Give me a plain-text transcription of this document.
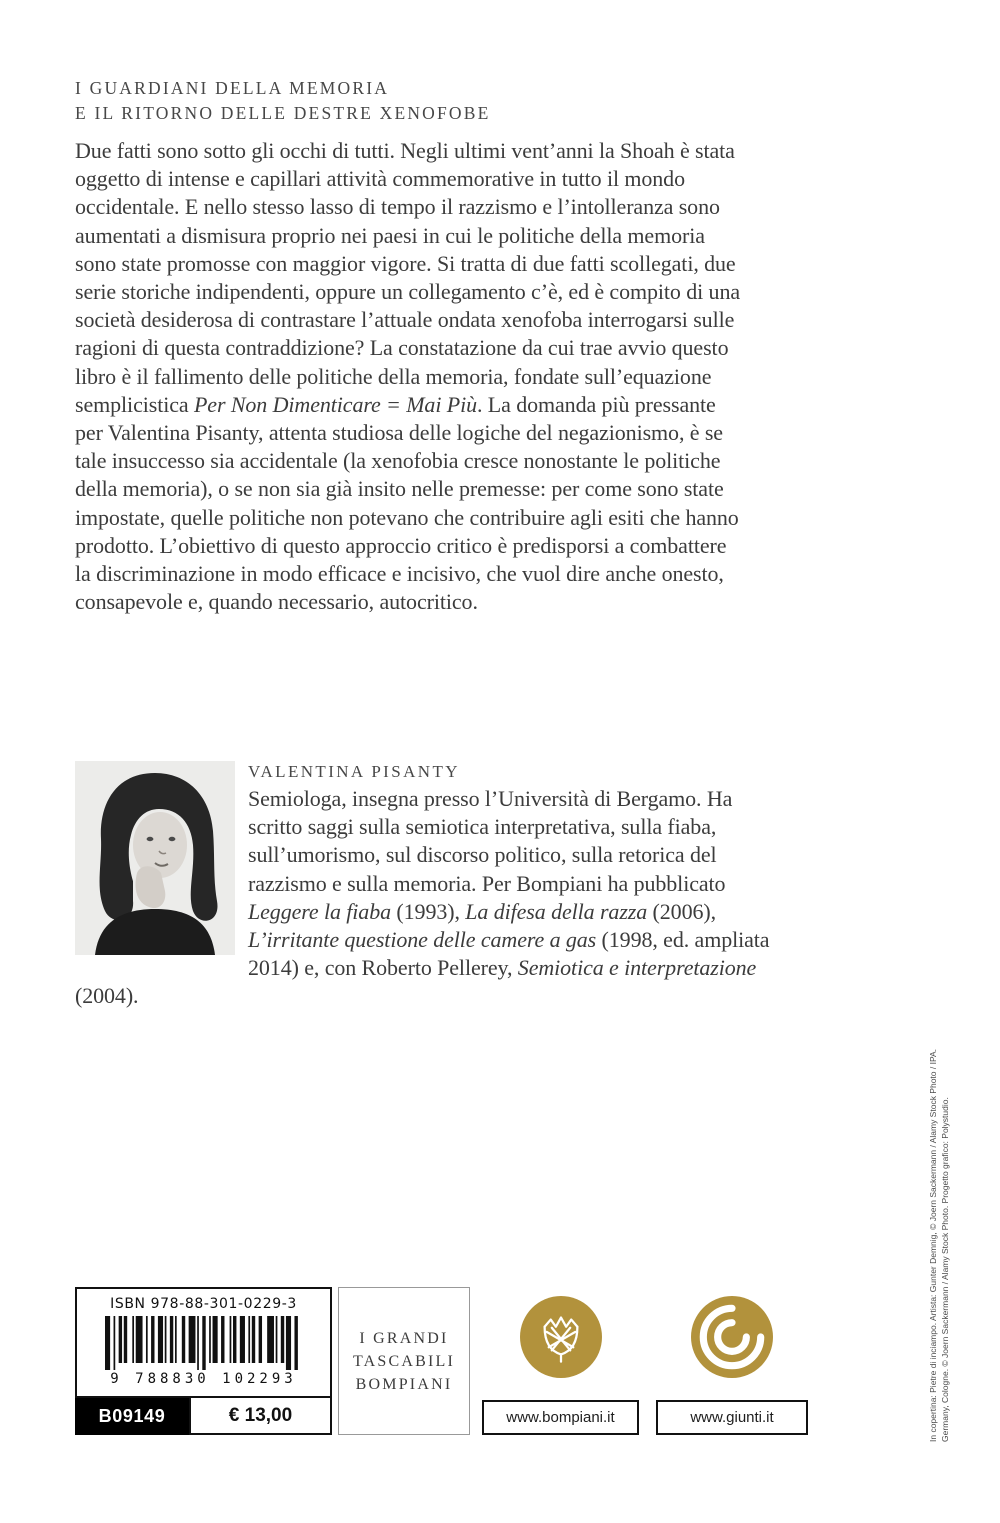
I GUARDIANI DELLA MEMORIA
E IL RITORNO DELLE DESTRE XENOFOBE

Due fatti sono sotto gli occhi di tutti. Negli ultimi vent’anni la Shoah è stata oggetto di intense e capillari attività commemorative in tutto il mondo occidentale. E nello stesso lasso di tempo il razzismo e l’intolleranza sono aumentati a dismisura proprio nei paesi in cui le politiche della memoria sono state promosse con maggior vigore. Si tratta di due fatti scollegati, due serie storiche indipendenti, oppure un collegamento c’è, ed è compito di una società desiderosa di contrastare l’attuale ondata xenofoba interrogarsi sulle ragioni di questa contraddizione? La constatazione da cui trae avvio questo libro è il fallimento delle politiche della memoria, fondate sull’equazione semplicistica Per Non Dimenticare = Mai Più. La domanda più pressante per Valentina Pisanty, attenta studiosa delle logiche del negazionismo, è se tale insuccesso sia accidentale (la xenofobia cresce nonostante le politiche della memoria), o se non sia già insito nelle premesse: per come sono state impostate, quelle politiche non potevano che contribuire agli esiti che hanno prodotto. L’obiettivo di questo approccio critico è predisporsi a combattere la discriminazione in modo efficace e incisivo, che vuol dire anche onesto, consapevole e, quando necessario, autocritico.

VALENTINA PISANTY

Semiologa, insegna presso l’Università di Bergamo. Ha scritto saggi sulla semiotica interpretativa, sulla fiaba, sull’umorismo, sul discorso politico, sulla retorica del razzismo e sulla memoria. Per Bompiani ha pubblicato Leggere la fiaba (1993), La difesa della razza (2006), L’irritante questione delle camere a gas (1998, ed. ampliata 2014) e, con Roberto Pellerey, Semiotica e interpretazione (2004).

ISBN 978-88-301-0229-3
9 788830 102293
B09149	€ 13,00
I GRANDI
TASCABILI
BOMPIANI
www.bompiani.it	www.giunti.it	In copertina: Pietre di inciampo. Artista: Gunter Demnig, © Joern Sackermann / Alamy Stock Photo / IPA. Germany, Cologne. © Joern Sackermann / Alamy Stock Photo. Progetto grafico: Polystudio.
